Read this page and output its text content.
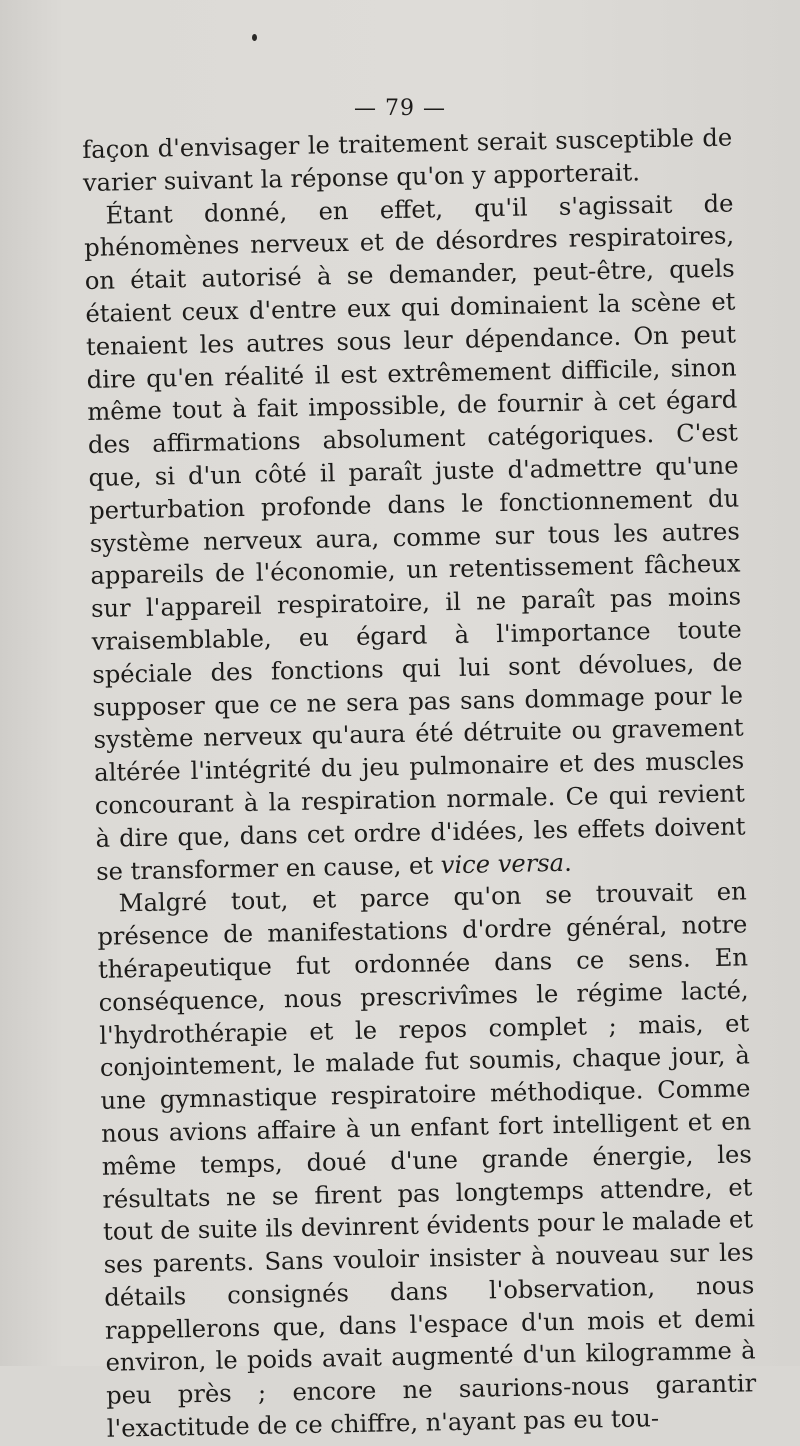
— 79 —

façon d'envisager le traitement serait susceptible de varier suivant la réponse qu'on y apporterait.

Étant donné, en effet, qu'il s'agissait de phénomènes nerveux et de désordres respiratoires, on était autorisé à se demander, peut-être, quels étaient ceux d'entre eux qui dominaient la scène et tenaient les autres sous leur dépendance. On peut dire qu'en réalité il est extrêmement difficile, sinon même tout à fait impossible, de fournir à cet égard des affirmations absolument catégoriques. C'est que, si d'un côté il paraît juste d'admettre qu'une perturbation profonde dans le fonctionnement du système nerveux aura, comme sur tous les autres appareils de l'économie, un retentissement fâcheux sur l'appareil respiratoire, il ne paraît pas moins vraisemblable, eu égard à l'importance toute spéciale des fonctions qui lui sont dévolues, de supposer que ce ne sera pas sans dommage pour le système nerveux qu'aura été détruite ou gravement altérée l'intégrité du jeu pulmonaire et des muscles concourant à la respiration normale. Ce qui revient à dire que, dans cet ordre d'idées, les effets doivent se transformer en cause, et vice versa.

Malgré tout, et parce qu'on se trouvait en présence de manifestations d'ordre général, notre thérapeutique fut ordonnée dans ce sens. En conséquence, nous prescrivîmes le régime lacté, l'hydrothérapie et le repos complet ; mais, et conjointement, le malade fut soumis, chaque jour, à une gymnastique respiratoire méthodique. Comme nous avions affaire à un enfant fort intelligent et en même temps, doué d'une grande énergie, les résultats ne se firent pas longtemps attendre, et tout de suite ils devinrent évidents pour le malade et ses parents. Sans vouloir insister à nouveau sur les détails consignés dans l'observation, nous rappellerons que, dans l'espace d'un mois et demi environ, le poids avait augmenté d'un kilogramme à peu près ; encore ne saurions-nous garantir l'exactitude de ce chiffre, n'ayant pas eu tou-
